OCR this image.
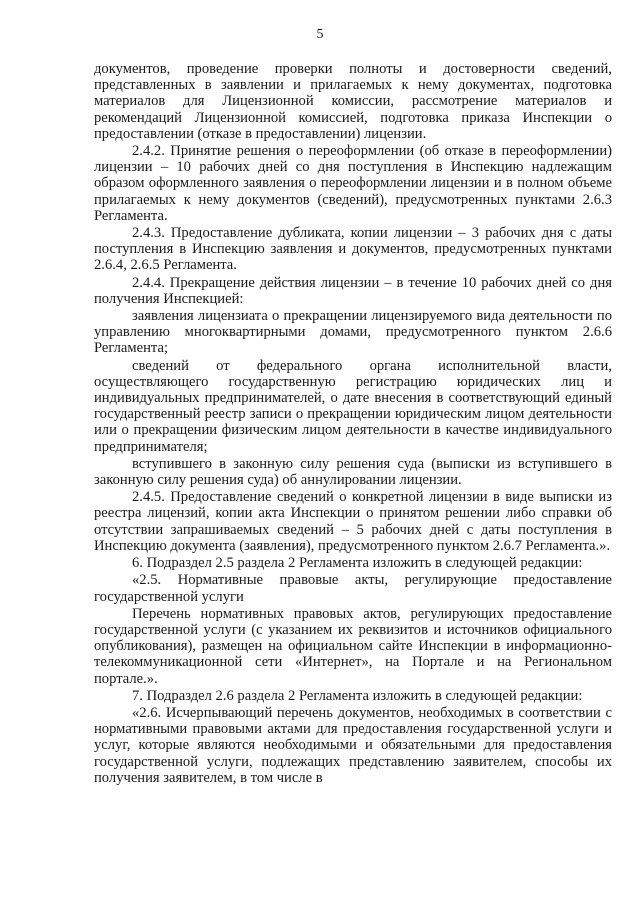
5

документов, проведение проверки полноты и достоверности сведений, представленных в заявлении и прилагаемых к нему документах, подготовка материалов для Лицензионной комиссии, рассмотрение материалов и рекомендаций Лицензионной комиссией, подготовка приказа Инспекции о предоставлении (отказе в предоставлении) лицензии.

2.4.2. Принятие решения о переоформлении (об отказе в переоформлении) лицензии – 10 рабочих дней со дня поступления в Инспекцию надлежащим образом оформленного заявления о переоформлении лицензии и в полном объеме прилагаемых к нему документов (сведений), предусмотренных пунктами 2.6.3 Регламента.

2.4.3. Предоставление дубликата, копии лицензии – 3 рабочих дня с даты поступления в Инспекцию заявления и документов, предусмотренных пунктами 2.6.4, 2.6.5 Регламента.

2.4.4. Прекращение действия лицензии – в течение 10 рабочих дней со дня получения Инспекцией:

заявления лицензиата о прекращении лицензируемого вида деятельности по управлению многоквартирными домами, предусмотренного пунктом 2.6.6 Регламента;

сведений от федерального органа исполнительной власти, осуществляющего государственную регистрацию юридических лиц и индивидуальных предпринимателей, о дате внесения в соответствующий единый государственный реестр записи о прекращении юридическим лицом деятельности или о прекращении физическим лицом деятельности в качестве индивидуального предпринимателя;

вступившего в законную силу решения суда (выписки из вступившего в законную силу решения суда) об аннулировании лицензии.

2.4.5. Предоставление сведений о конкретной лицензии в виде выписки из реестра лицензий, копии акта Инспекции о принятом решении либо справки об отсутствии запрашиваемых сведений – 5 рабочих дней с даты поступления в Инспекцию документа (заявления), предусмотренного пунктом 2.6.7 Регламента.».

6. Подраздел 2.5 раздела 2 Регламента изложить в следующей редакции:

«2.5. Нормативные правовые акты, регулирующие предоставление государственной услуги

Перечень нормативных правовых актов, регулирующих предоставление государственной услуги (с указанием их реквизитов и источников официального опубликования), размещен на официальном сайте Инспекции в информационно-телекоммуникационной сети «Интернет», на Портале и на Региональном портале.».

7. Подраздел 2.6 раздела 2 Регламента изложить в следующей редакции:

«2.6. Исчерпывающий перечень документов, необходимых в соответствии с нормативными правовыми актами для предоставления государственной услуги и услуг, которые являются необходимыми и обязательными для предоставления государственной услуги, подлежащих представлению заявителем, способы их получения заявителем, в том числе в
